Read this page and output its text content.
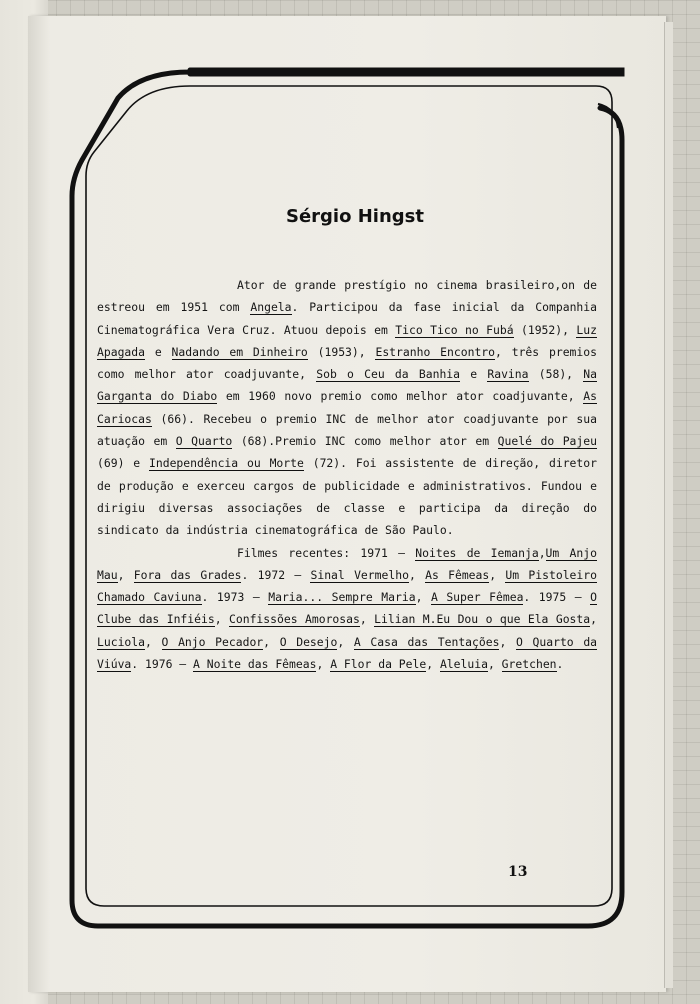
Sérgio Hingst

Ator de grande prestígio no cinema brasileiro,on de estreou em 1951 com Angela. Participou da fase inicial da Companhia Cinematográfica Vera Cruz. Atuou depois em Tico Tico no Fubá (1952), Luz Apagada e Nadando em Dinheiro (1953), Estranho Encontro, três premios como melhor ator coadjuvante, Sob o Ceu da Banhia e Ravina (58), Na Garganta do Diabo em 1960 novo premio como melhor ator coadjuvante, As Cariocas (66). Recebeu o premio INC de melhor ator coadjuvante por sua atuação em O Quarto (68).Premio INC como melhor ator em Quelé do Pajeu (69) e Independência ou Morte (72). Foi assistente de direção, diretor de produção e exerceu cargos de publicidade e administrativos. Fundou e dirigiu diversas associações de classe e participa da direção do sindicato da indústria cinematográfica de São Paulo.

Filmes recentes: 1971 — Noites de Iemanja,Um Anjo Mau, Fora das Grades. 1972 — Sinal Vermelho, As Fêmeas, Um Pistoleiro Chamado Caviuna. 1973 — Maria... Sempre Maria, A Super Fêmea. 1975 — O Clube das Infiéis, Confissões Amorosas, Lilian M.Eu Dou o que Ela Gosta, Luciola, O Anjo Pecador, O Desejo, A Casa das Tentações, O Quarto da Viúva. 1976 — A Noite das Fêmeas, A Flor da Pele, Aleluia, Gretchen.

13
